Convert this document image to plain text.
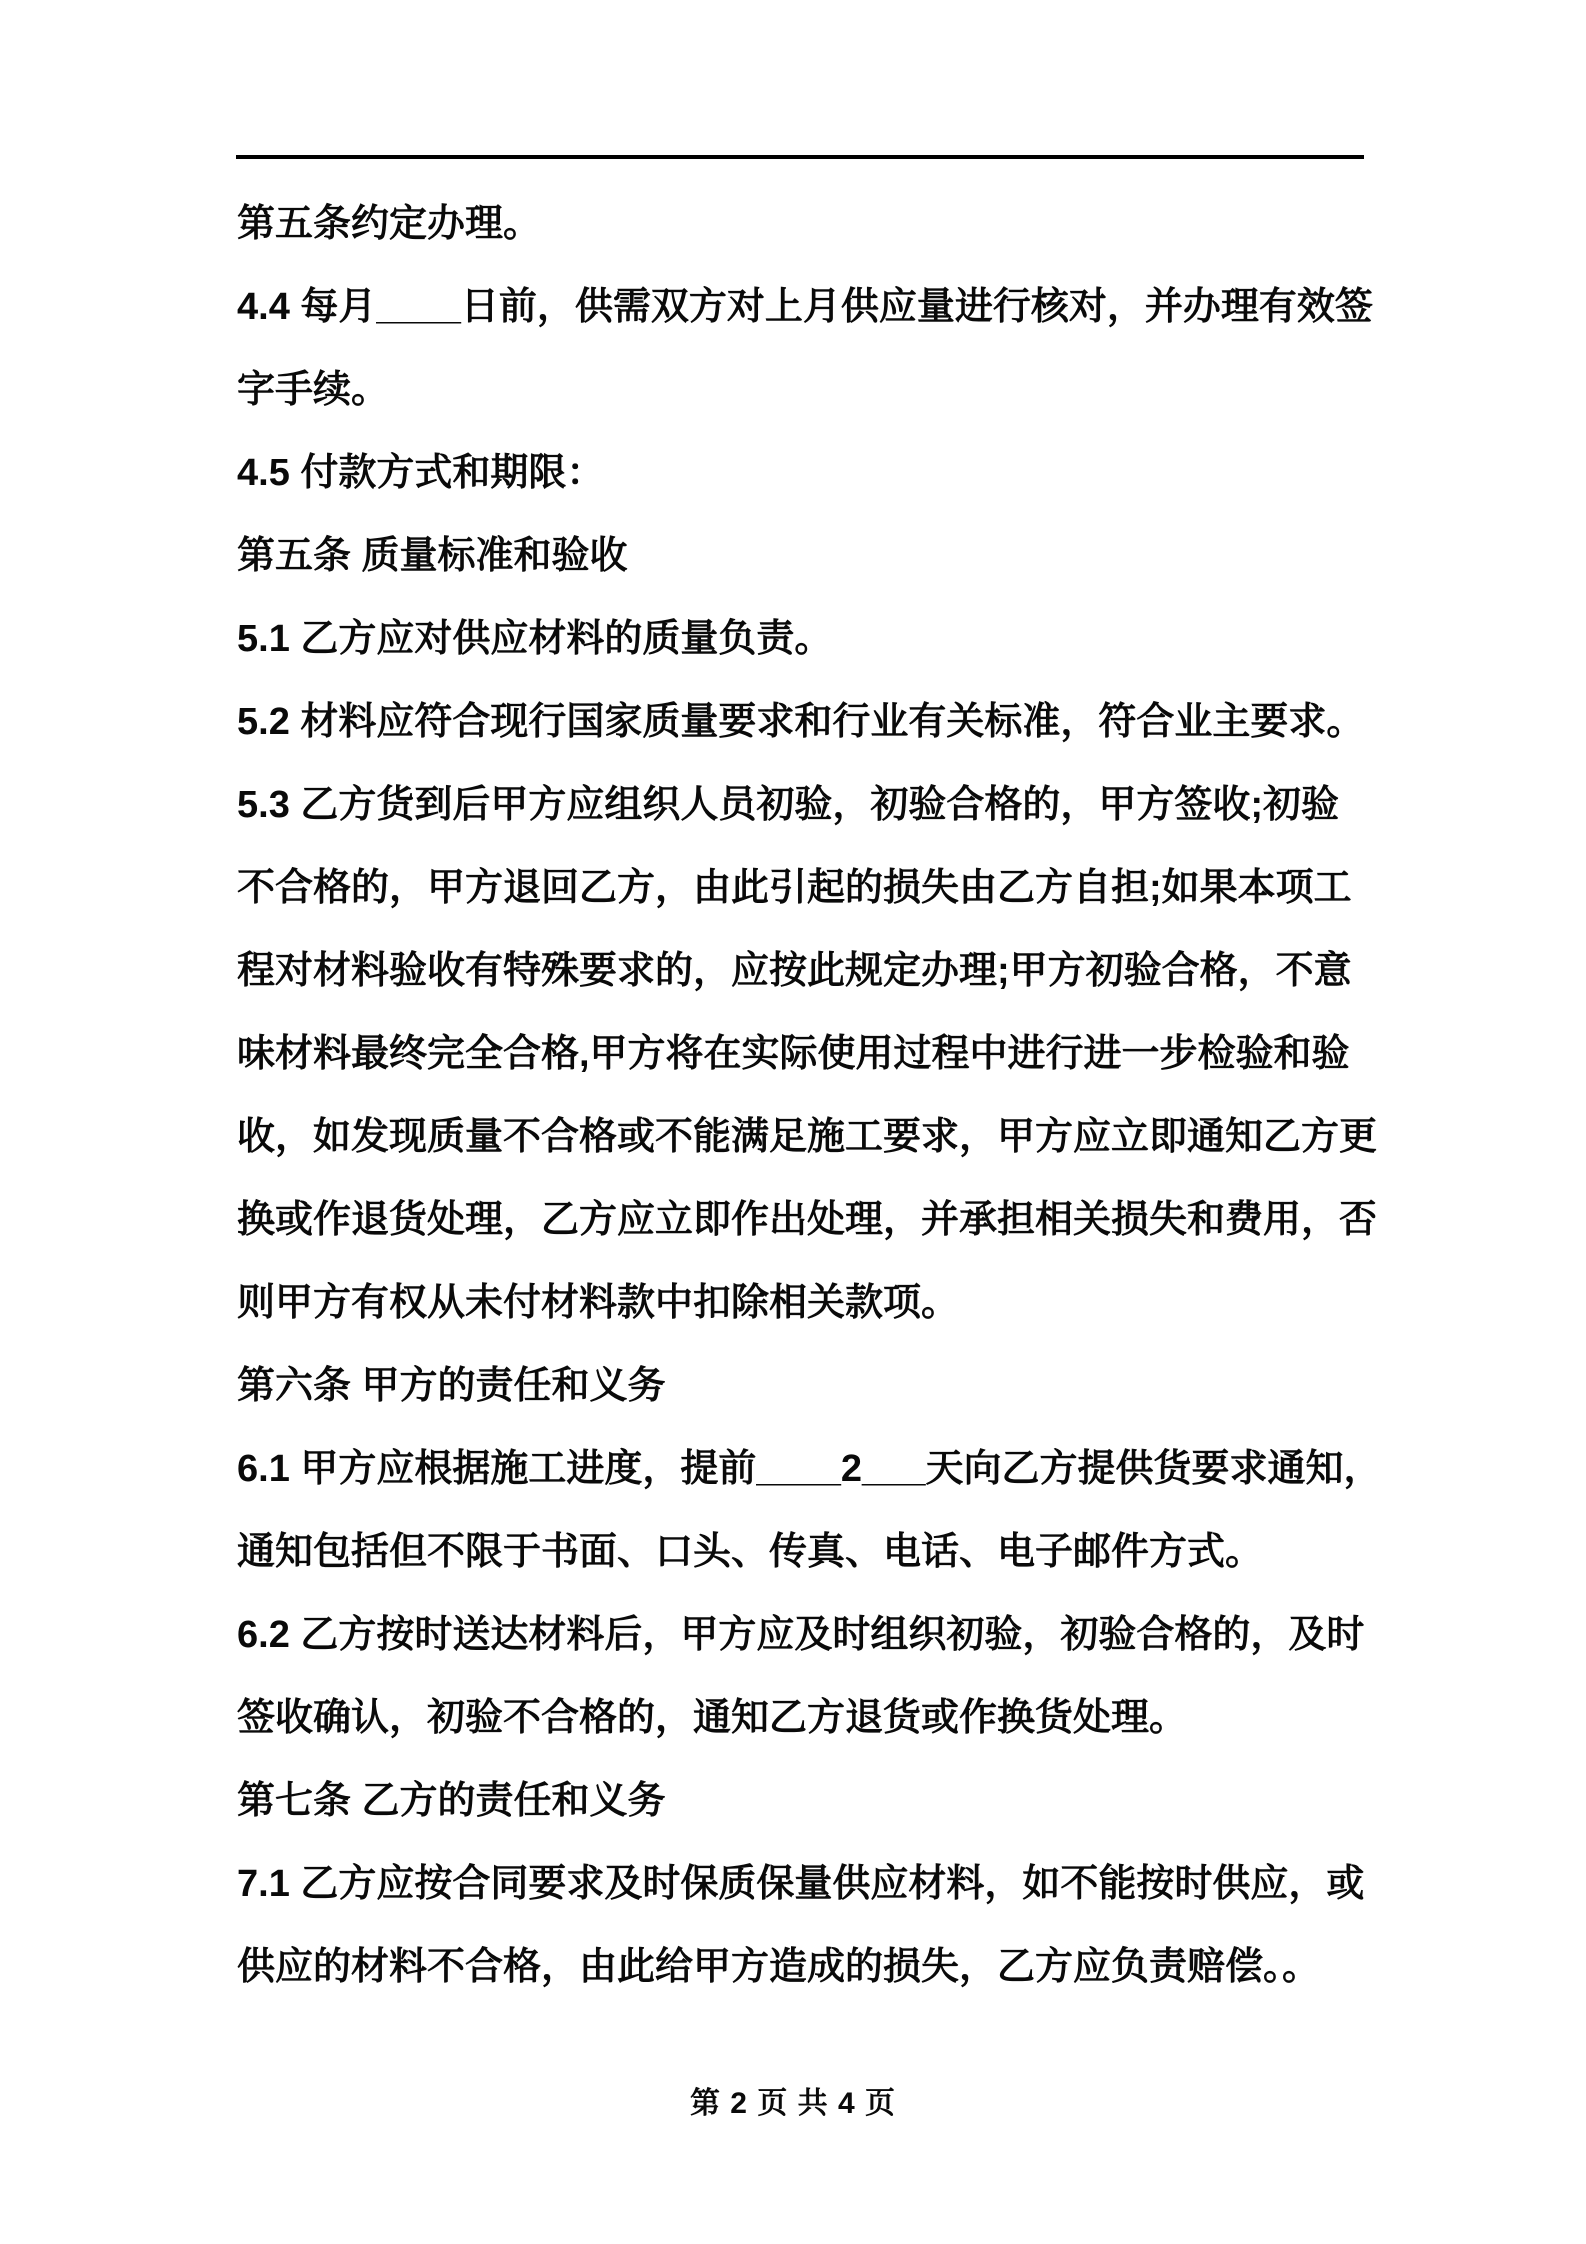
第五条约定办理。
4.4 每月____日前，供需双方对上月供应量进行核对，并办理有效签
字手续。
4.5 付款方式和期限：
第五条 质量标准和验收
5.1 乙方应对供应材料的质量负责。
5.2 材料应符合现行国家质量要求和行业有关标准，符合业主要求。
5.3 乙方货到后甲方应组织人员初验，初验合格的，甲方签收;初验
不合格的，甲方退回乙方，由此引起的损失由乙方自担;如果本项工
程对材料验收有特殊要求的，应按此规定办理;甲方初验合格，不意
味材料最终完全合格,甲方将在实际使用过程中进行进一步检验和验
收，如发现质量不合格或不能满足施工要求，甲方应立即通知乙方更
换或作退货处理，乙方应立即作出处理，并承担相关损失和费用，否
则甲方有权从未付材料款中扣除相关款项。
第六条 甲方的责任和义务
6.1 甲方应根据施工进度，提前____2___天向乙方提供货要求通知，
通知包括但不限于书面、口头、传真、电话、电子邮件方式。
6.2 乙方按时送达材料后，甲方应及时组织初验，初验合格的，及时
签收确认，初验不合格的，通知乙方退货或作换货处理。
第七条 乙方的责任和义务
7.1 乙方应按合同要求及时保质保量供应材料，如不能按时供应，或
供应的材料不合格，由此给甲方造成的损失，乙方应负责赔偿。。
第 2 页 共 4 页
